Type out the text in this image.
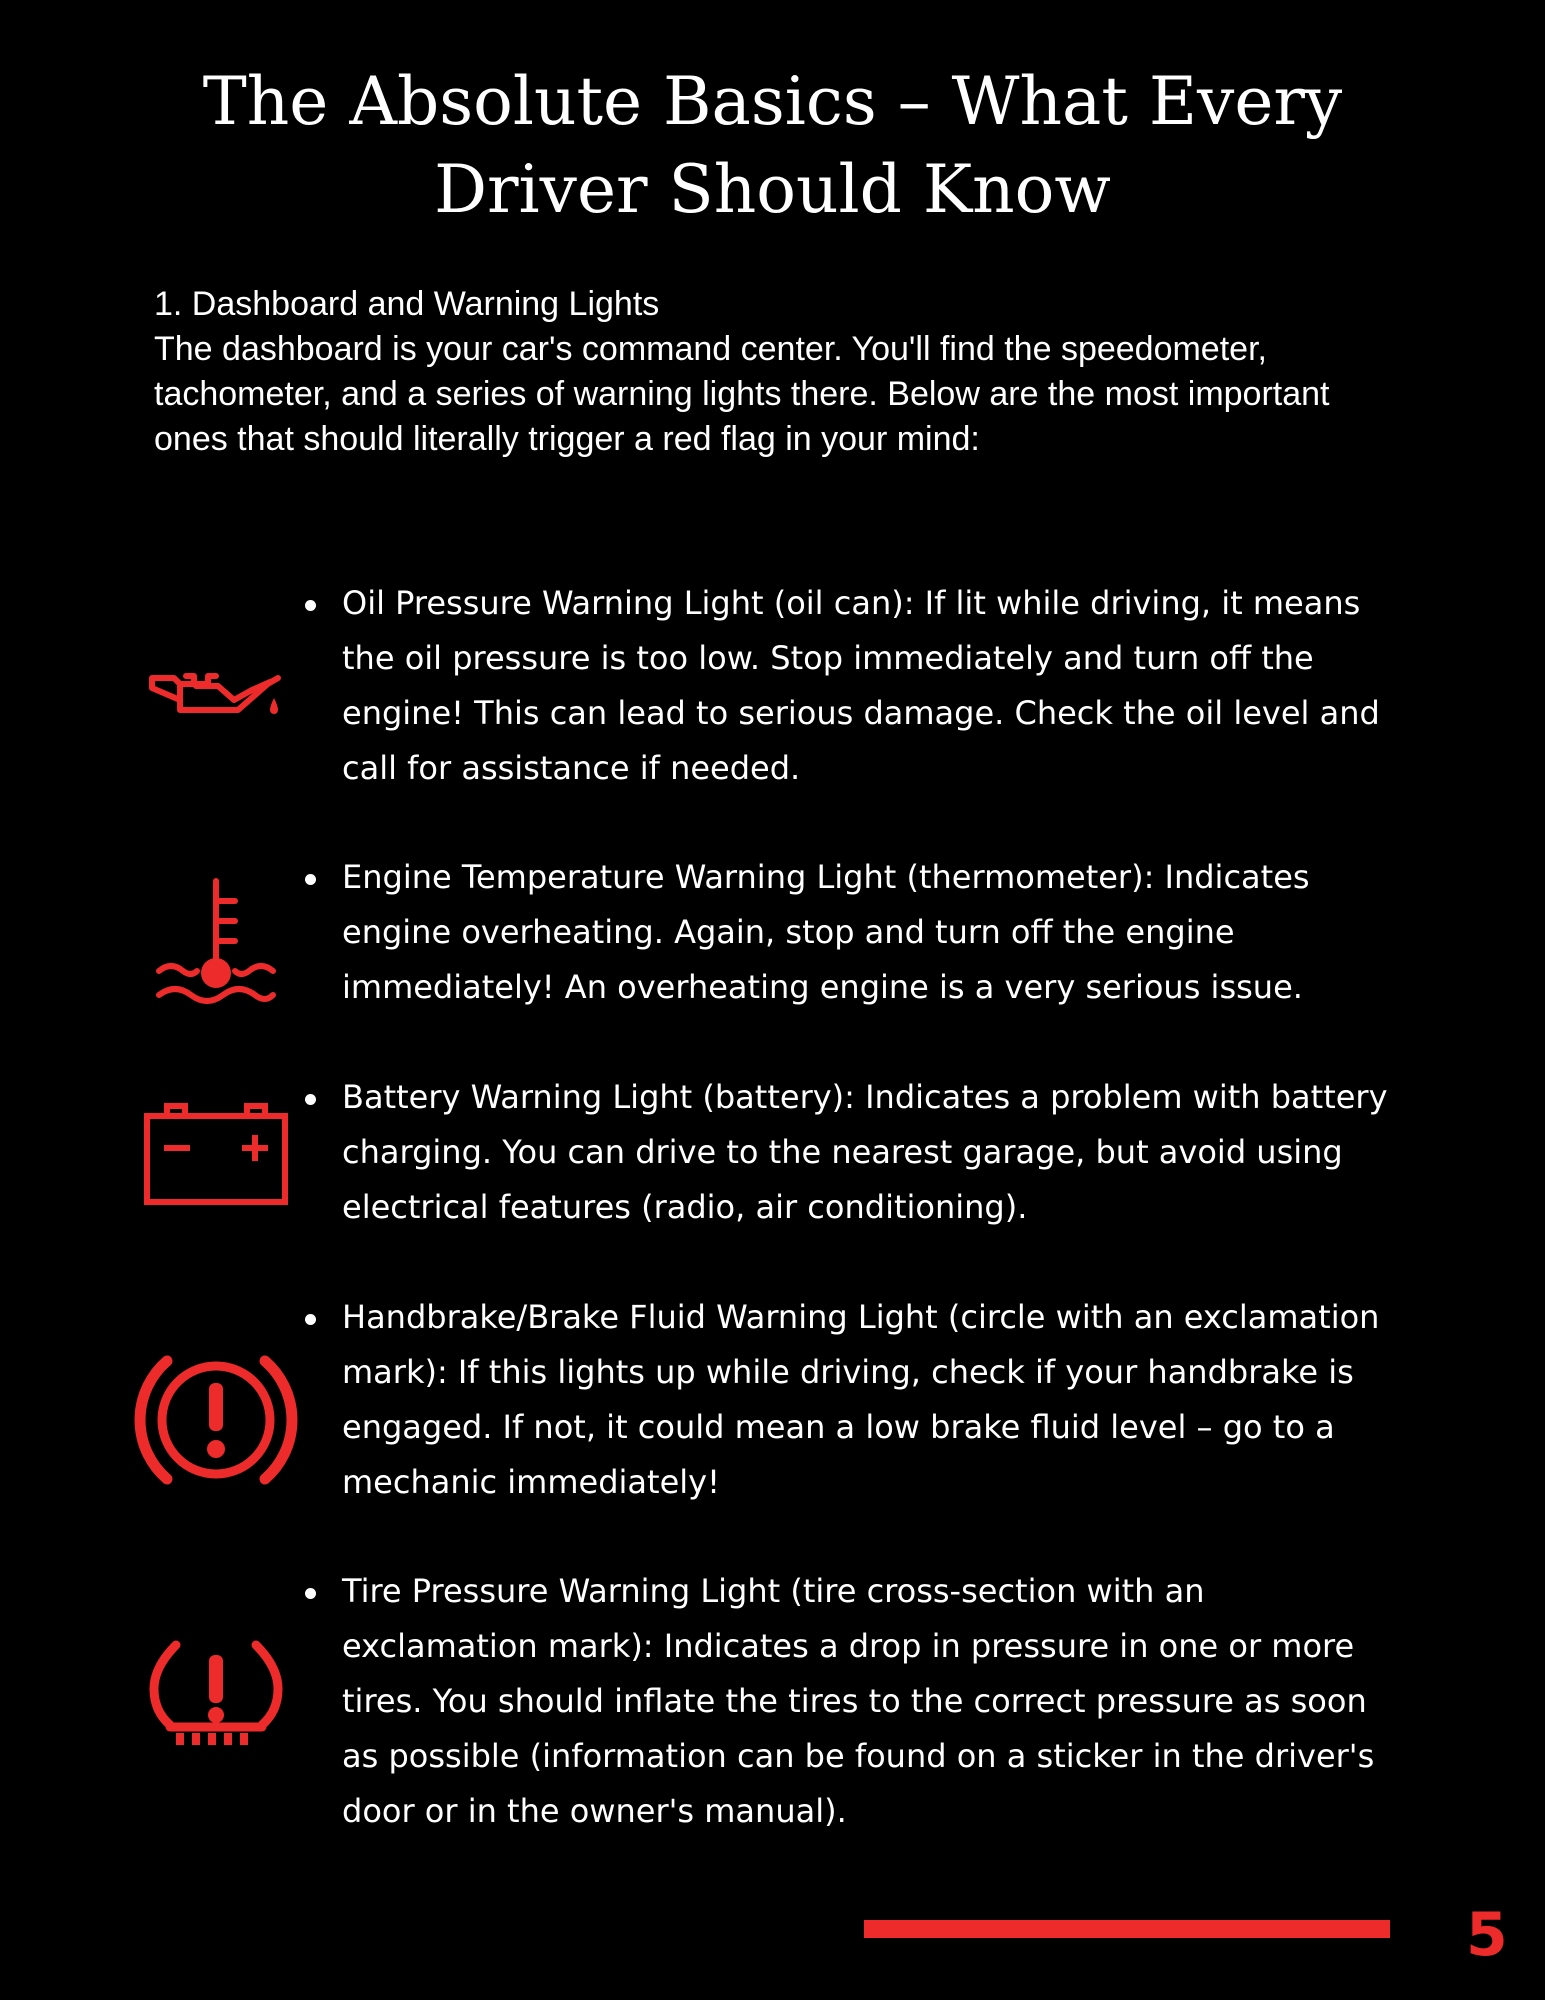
The Absolute Basics – What Every Driver Should Know

1. Dashboard and Warning Lights

The dashboard is your car's command center. You'll find the speedometer, tachometer, and a series of warning lights there. Below are the most important ones that should literally trigger a red flag in your mind:

Oil Pressure Warning Light (oil can): If lit while driving, it means the oil pressure is too low. Stop immediately and turn off the engine! This can lead to serious damage. Check the oil level and call for assistance if needed.

Engine Temperature Warning Light (thermometer): Indicates engine overheating. Again, stop and turn off the engine immediately! An overheating engine is a very serious issue.

Battery Warning Light (battery): Indicates a problem with battery charging. You can drive to the nearest garage, but avoid using electrical features (radio, air conditioning).

Handbrake/Brake Fluid Warning Light (circle with an exclamation mark): If this lights up while driving, check if your handbrake is engaged. If not, it could mean a low brake fluid level – go to a mechanic immediately!

Tire Pressure Warning Light (tire cross-section with an exclamation mark): Indicates a drop in pressure in one or more tires. You should inflate the tires to the correct pressure as soon as possible (information can be found on a sticker in the driver's door or in the owner's manual).

5
